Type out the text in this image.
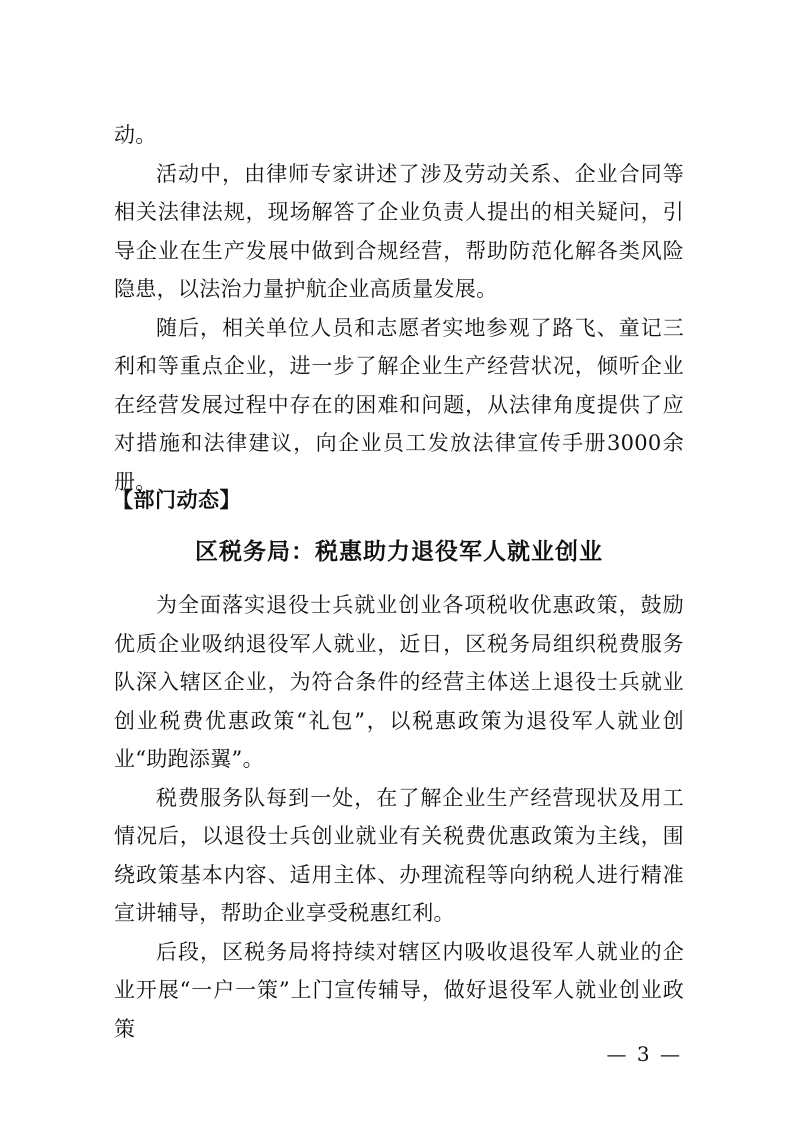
动。

活动中，由律师专家讲述了涉及劳动关系、企业合同等相关法律法规，现场解答了企业负责人提出的相关疑问，引导企业在生产发展中做到合规经营，帮助防范化解各类风险隐患，以法治力量护航企业高质量发展。

随后，相关单位人员和志愿者实地参观了路飞、童记三利和等重点企业，进一步了解企业生产经营状况，倾听企业在经营发展过程中存在的困难和问题，从法律角度提供了应对措施和法律建议，向企业员工发放法律宣传手册3000余册。

【部门动态】
区税务局：税惠助力退役军人就业创业

为全面落实退役士兵就业创业各项税收优惠政策，鼓励优质企业吸纳退役军人就业，近日，区税务局组织税费服务队深入辖区企业，为符合条件的经营主体送上退役士兵就业创业税费优惠政策“礼包”，以税惠政策为退役军人就业创业“助跑添翼”。

税费服务队每到一处，在了解企业生产经营现状及用工情况后，以退役士兵创业就业有关税费优惠政策为主线，围绕政策基本内容、适用主体、办理流程等向纳税人进行精准宣讲辅导，帮助企业享受税惠红利。

后段，区税务局将持续对辖区内吸收退役军人就业的企业开展“一户一策”上门宣传辅导，做好退役军人就业创业政策

— 3 —
